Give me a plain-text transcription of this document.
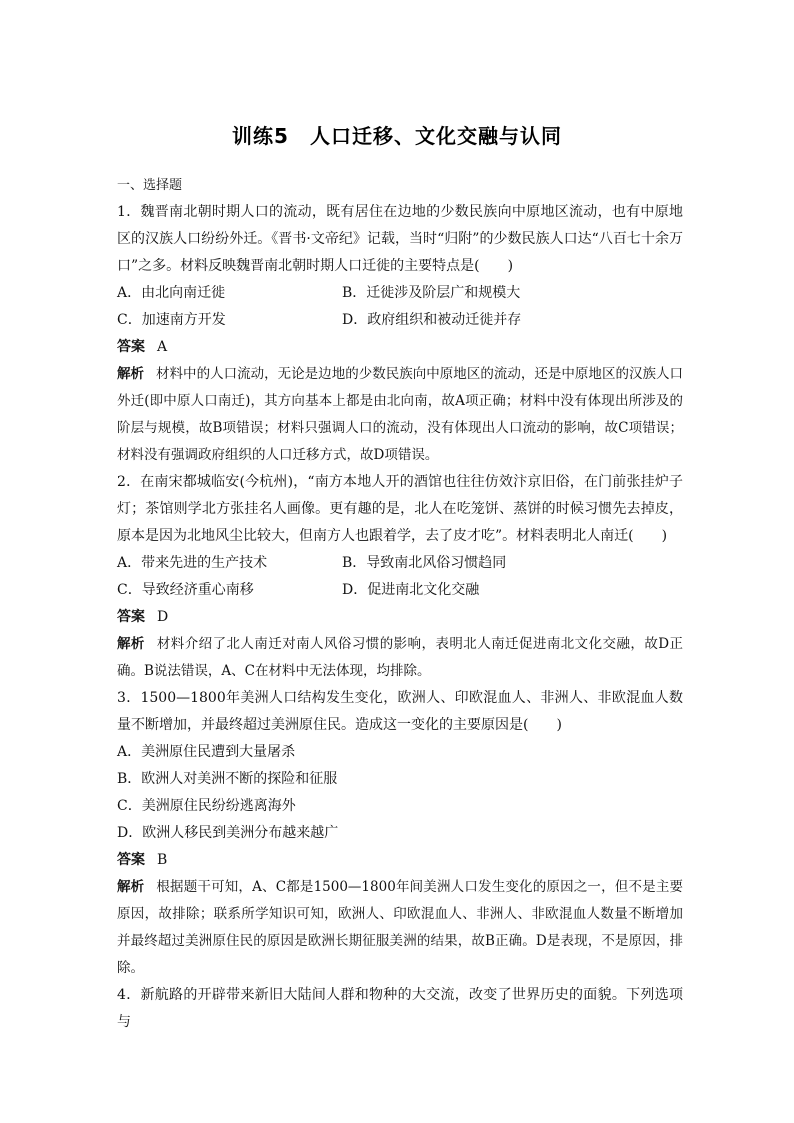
训练5　人口迁移、文化交融与认同
一、选择题

1．魏晋南北朝时期人口的流动，既有居住在边地的少数民族向中原地区流动，也有中原地区的汉族人口纷纷外迁。《晋书·文帝纪》记载，当时“归附”的少数民族人口达“八百七十余万口”之多。材料反映魏晋南北朝时期人口迁徙的主要特点是(　　)

A．由北向南迁徙	B．迁徙涉及阶层广和规模大
C．加速南方开发	D．政府组织和被动迁徙并存

答案 A

解析 材料中的人口流动，无论是边地的少数民族向中原地区的流动，还是中原地区的汉族人口外迁(即中原人口南迁)，其方向基本上都是由北向南，故A项正确；材料中没有体现出所涉及的阶层与规模，故B项错误；材料只强调人口的流动，没有体现出人口流动的影响，故C项错误；材料没有强调政府组织的人口迁移方式，故D项错误。

2．在南宋都城临安(今杭州)，“南方本地人开的酒馆也往往仿效汴京旧俗，在门前张挂炉子灯；茶馆则学北方张挂名人画像。更有趣的是，北人在吃笼饼、蒸饼的时候习惯先去掉皮，原本是因为北地风尘比较大，但南方人也跟着学，去了皮才吃”。材料表明北人南迁(　　)

A．带来先进的生产技术	B．导致南北风俗习惯趋同
C．导致经济重心南移	D．促进南北文化交融

答案 D

解析 材料介绍了北人南迁对南人风俗习惯的影响，表明北人南迁促进南北文化交融，故D正确。B说法错误，A、C在材料中无法体现，均排除。

3．1500—1800年美洲人口结构发生变化，欧洲人、印欧混血人、非洲人、非欧混血人数量不断增加，并最终超过美洲原住民。造成这一变化的主要原因是(　　)

A．美洲原住民遭到大量屠杀
B．欧洲人对美洲不断的探险和征服
C．美洲原住民纷纷逃离海外
D．欧洲人移民到美洲分布越来越广

答案 B

解析 根据题干可知，A、C都是1500—1800年间美洲人口发生变化的原因之一，但不是主要原因，故排除；联系所学知识可知，欧洲人、印欧混血人、非洲人、非欧混血人数量不断增加并最终超过美洲原住民的原因是欧洲长期征服美洲的结果，故B正确。D是表现，不是原因，排除。

4．新航路的开辟带来新旧大陆间人群和物种的大交流，改变了世界历史的面貌。下列选项与
